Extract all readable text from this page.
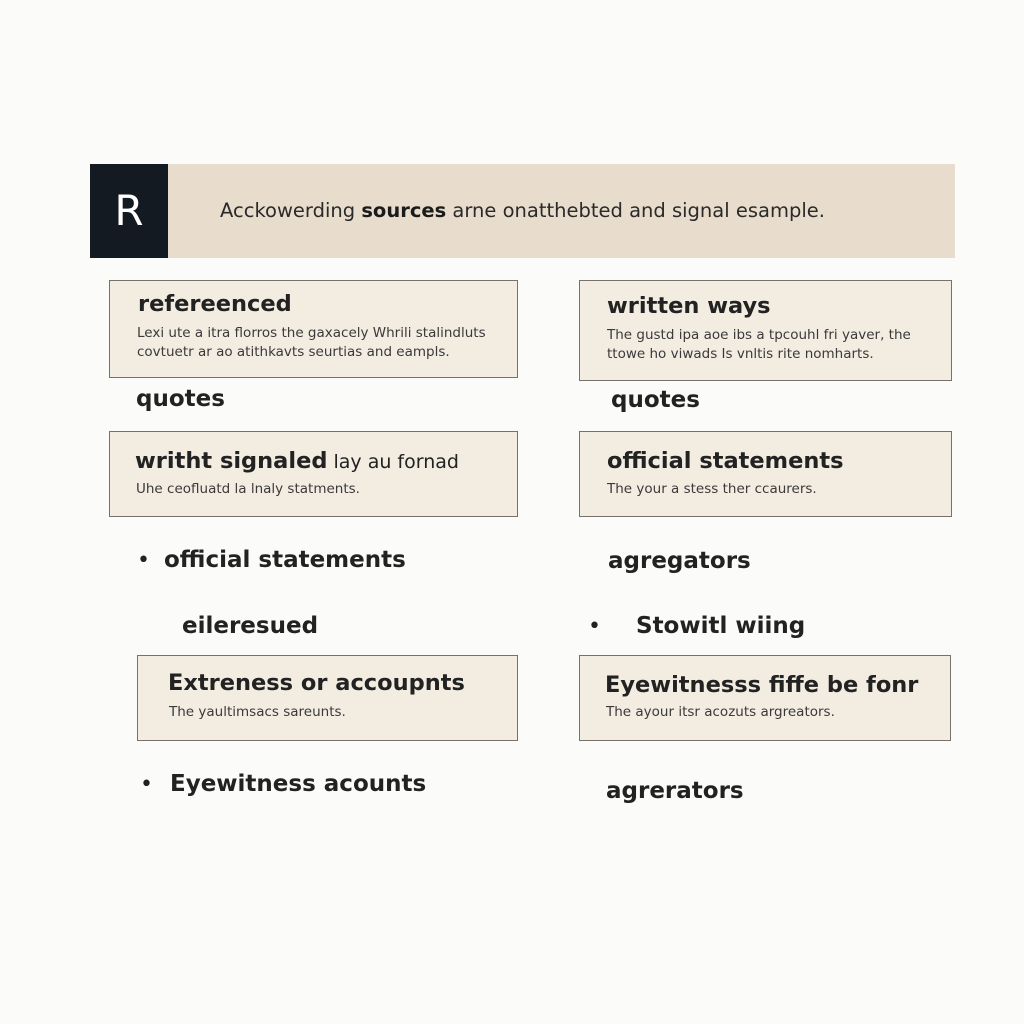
R	Acckowerding sources arne onatthebted and signal esample.
refereenced
Lexi ute a itra florros the gaxacely Whrili stalindluts
covtuetr ar ao atithkavts seurtias and eampls.
written ways
The gustd ipa aoe ibs a tpcouhl fri yaver, the
ttowe ho viwads Is vnltis rite nomharts.
quotes	quotes
writht signaled lay au fornad
Uhe ceofluatd la lnaly statments.
official statements
The your a stess ther ccaurers.
• official statements	agregators
eileresued	• Stowitl wiing
Extreness or accoupnts
The yaultimsacs sareunts.
Eyewitnesss fiffe be fonr
The ayour itsr acozuts argreators.
• Eyewitness acounts	agrerators
